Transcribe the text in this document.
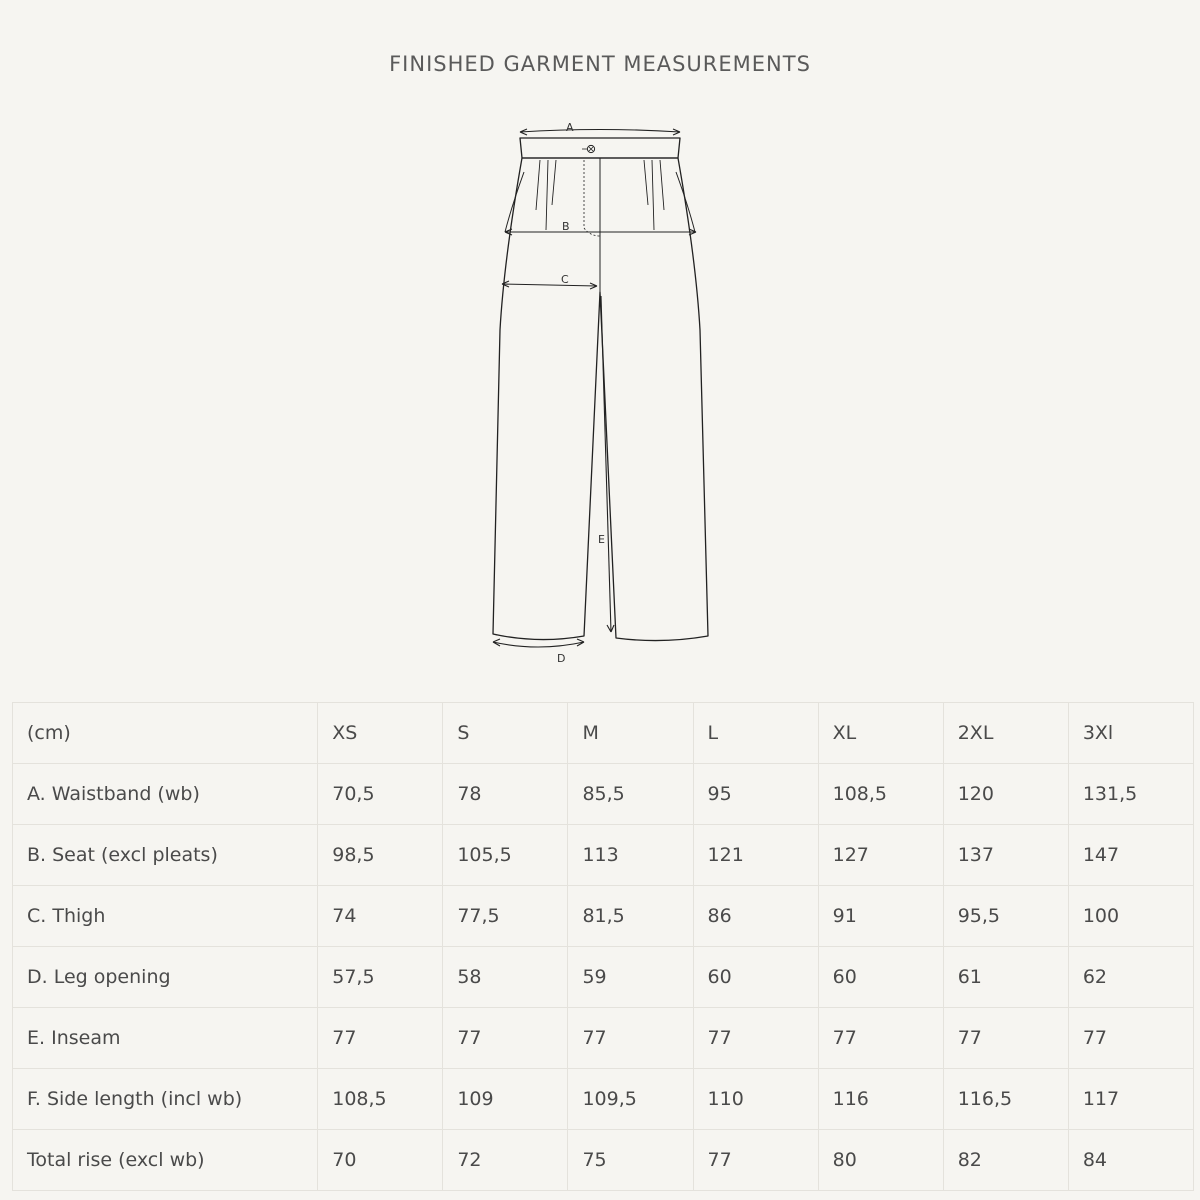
FINISHED GARMENT MEASUREMENTS
A
B
C
D
E
(cm)	XS	S	M	L	XL	2XL	3Xl
A. Waistband (wb)	70,5	78	85,5	95	108,5	120	131,5
B. Seat (excl pleats)	98,5	105,5	113	121	127	137	147
C. Thigh	74	77,5	81,5	86	91	95,5	100
D. Leg opening	57,5	58	59	60	60	61	62
E. Inseam	77	77	77	77	77	77	77
F. Side length (incl wb)	108,5	109	109,5	110	116	116,5	117
Total rise (excl wb)	70	72	75	77	80	82	84
